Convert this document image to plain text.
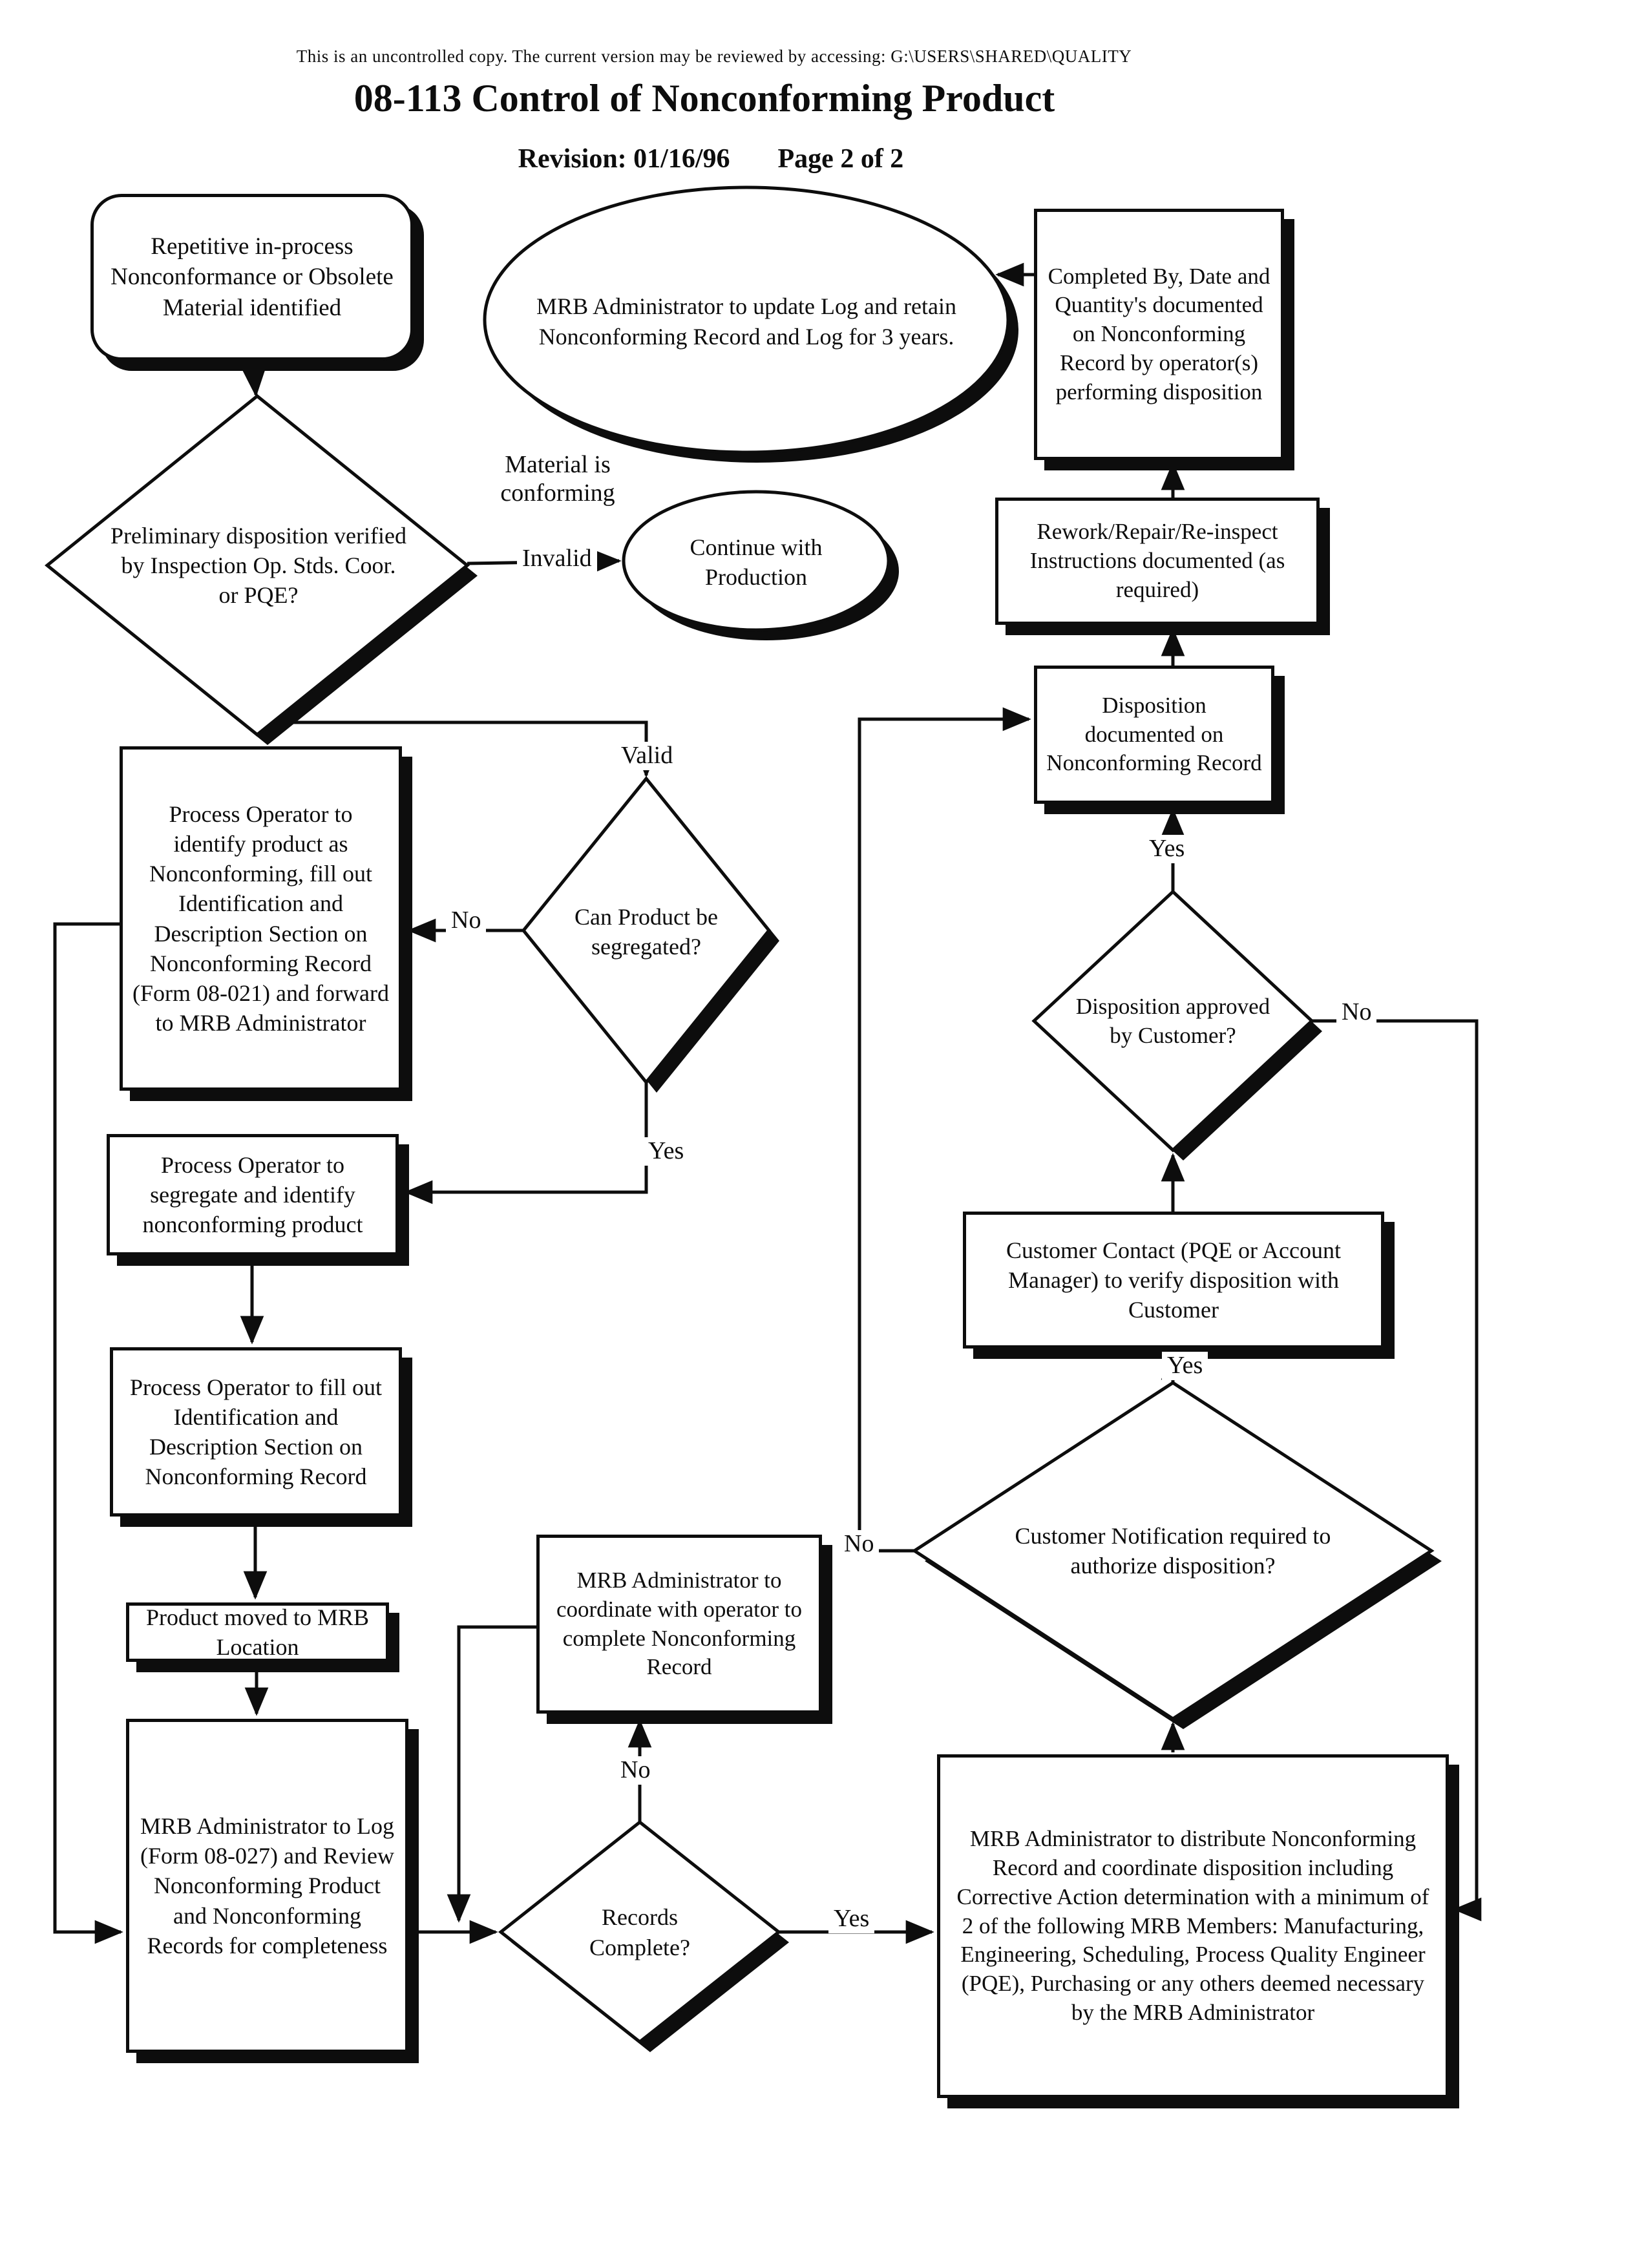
This is an uncontrolled copy. The current version may be reviewed by accessing: G:\USERS\SHARED\QUALITY
08-113 Control of Nonconforming Product
Revision: 01/16/96 Page 2 of 2
Repetitive in-process Nonconformance or Obsolete Material identified
Process Operator to identify product as Nonconforming, fill out Identification and Description Section on Nonconforming Record (Form 08-021) and forward to MRB Administrator
Process Operator to segregate and identify nonconforming product
Process Operator to fill out Identification and Description Section on Nonconforming Record
Product moved to MRB Location
MRB Administrator to Log (Form 08-027) and Review Nonconforming Product and Nonconforming Records for completeness
MRB Administrator to coordinate with operator to complete Nonconforming Record
Completed By, Date and Quantity's documented on Nonconforming Record by operator(s) performing disposition
Rework/Repair/Re-inspect Instructions documented (as required)
Disposition documented on Nonconforming Record
Customer Contact (PQE or Account Manager) to verify disposition with Customer
MRB Administrator to distribute Nonconforming Record and coordinate disposition including Corrective Action determination with a minimum of 2 of the following MRB Members: Manufacturing, Engineering, Scheduling, Process Quality Engineer (PQE), Purchasing or any others deemed necessary by the MRB Administrator
Preliminary disposition verified by Inspection Op. Stds. Coor. or PQE?
MRB Administrator to update Log and retain Nonconforming Record and Log for 3 years.
Continue with Production
Can Product be segregated?
Records Complete?
Disposition approved by Customer?
Customer Notification required to authorize disposition?
Material is conforming
Invalid
Valid
No
Yes
Yes
No
Yes
No
No
Yes
